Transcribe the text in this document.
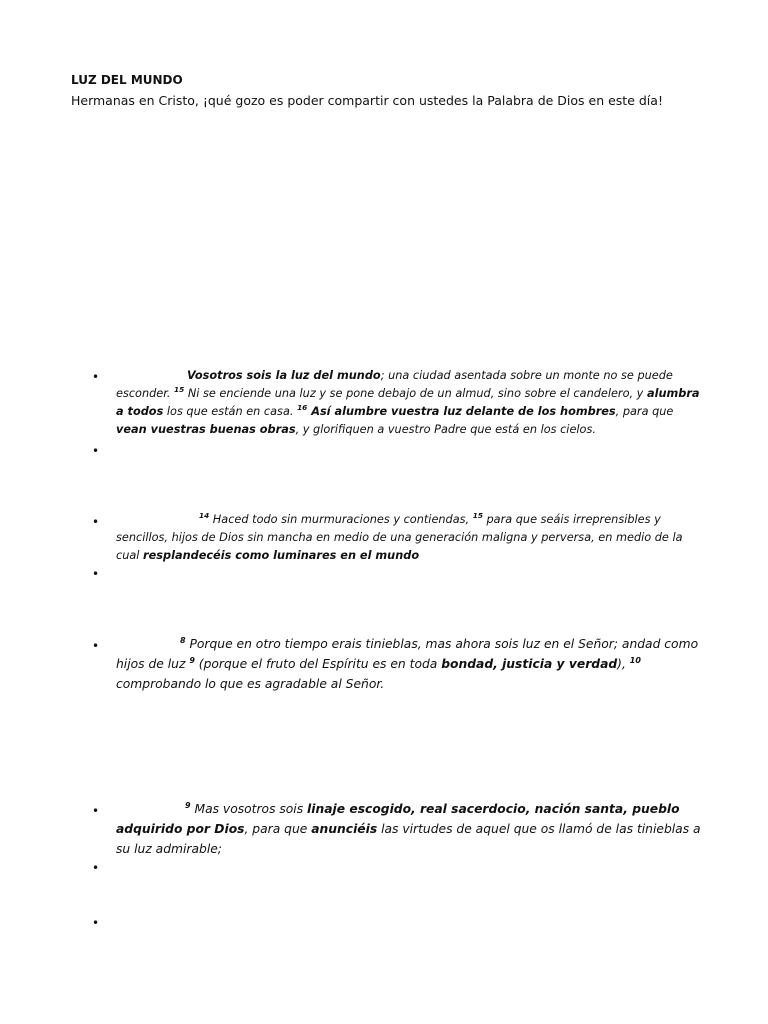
LUZ DEL MUNDO
Hermanas en Cristo, ¡qué gozo es poder compartir con ustedes la Palabra de Dios en este día!
•	Vosotros sois la luz del mundo; una ciudad asentada sobre un monte no se puede esconder. $^{15}$ Ni se enciende una luz y se pone debajo de un almud, sino sobre el candelero, y alumbra a todos los que están en casa. $^{16}$ Así alumbre vuestra luz delante de los hombres, para que vean vuestras buenas obras, y glorifiquen a vuestro Padre que está en los cielos.
•
•	$^{14}$ Haced todo sin murmuraciones y contiendas, $^{15}$ para que seáis irreprensibles y sencillos, hijos de Dios sin mancha en medio de una generación maligna y perversa, en medio de la cual resplandecéis como luminares en el mundo
•
•	$^8$ Porque en otro tiempo erais tinieblas, mas ahora sois luz en el Señor; andad como hijos de luz $^9$ (porque el fruto del Espíritu es en toda bondad, justicia y verdad), $^{10}$ comprobando lo que es agradable al Señor.
•	$^9$ Mas vosotros sois linaje escogido, real sacerdocio, nación santa, pueblo adquirido por Dios, para que anunciéis las virtudes de aquel que os llamó de las tinieblas a su luz admirable;
•
•
